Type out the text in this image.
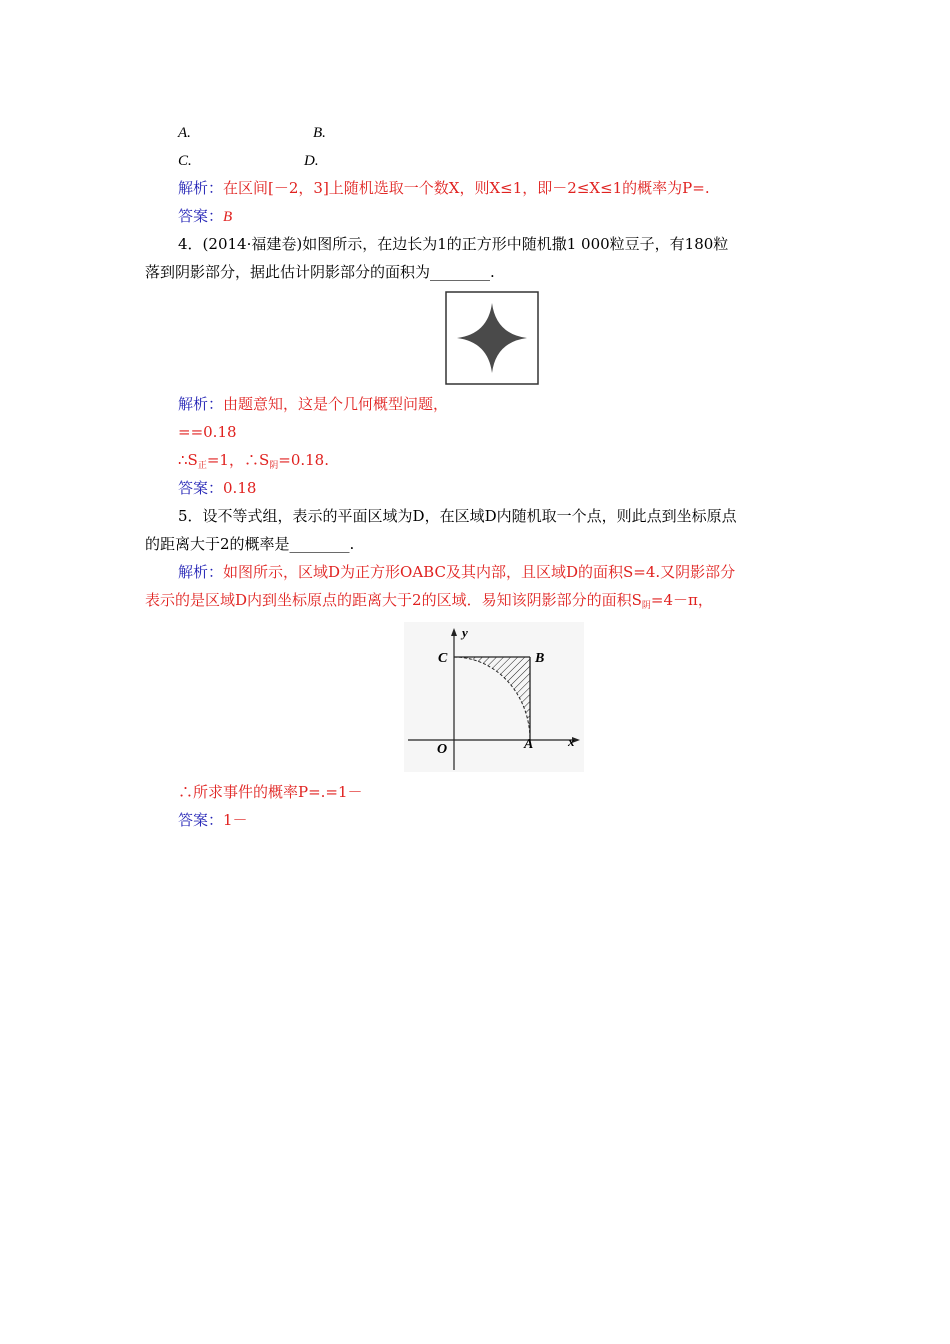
A.	B.
C.	D.
解析：在区间[－2，3]上随机选取一个数X，则X≤1，即－2≤X≤1的概率为P=.
答案：B
4．(2014·福建卷)如图所示，在边长为1的正方形中随机撒1 000粒豆子，有180粒
落到阴影部分，据此估计阴影部分的面积为________.
解析：由题意知，这是个几何概型问题，
==0.18
$\therefore S_正=1$，$\therefore S_阴=0.18$.
答案：0.18
5．设不等式组，表示的平面区域为D，在区域D内随机取一个点，则此点到坐标原点
的距离大于2的概率是________.
解析：如图所示，区域D为正方形OABC及其内部，且区域D的面积S=4.又阴影部分
表示的是区域D内到坐标原点的距离大于2的区域．易知该阴影部分的面积$S_阴=4-\pi$，
y
x
C	B
O	A
∴所求事件的概率P=.=1－
答案：1－
